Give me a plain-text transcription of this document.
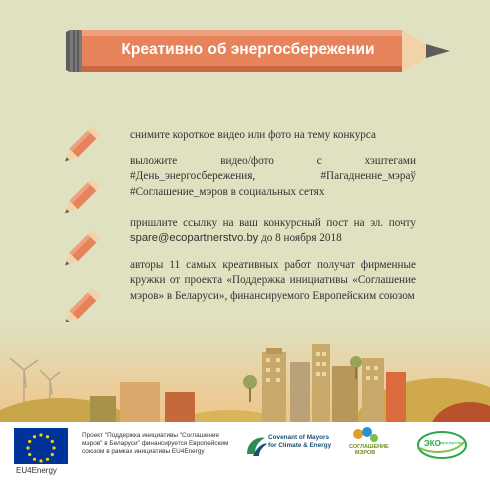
Креативно об энергосбережении
снимите короткое видео или фото на тему конкурса
выложите видео/фото с хэштегами #День_энергосбережения, #Пагадненне_мэраў #Соглашение_мэров в социальных сетях
пришлите ссылку на ваш конкурсный пост на эл. почту spare@ecopartnerstvo.by до 8 ноября 2018
авторы 11 самых креативных работ получат фирменные кружки от проекта «Поддержка инициативы «Соглашение мэров» в Беларуси», финансируемого Европейским союзом
EU4Energy
Проект "Поддержка инициативы "Соглашение мэров" в Беларуси" финансируется Европейским союзом в рамках инициативы EU4Energy
Covenant of Mayors
for Climate & Energy	СОГЛАШЕНИЕ МЭРОВ
ЭКО
партнерство
